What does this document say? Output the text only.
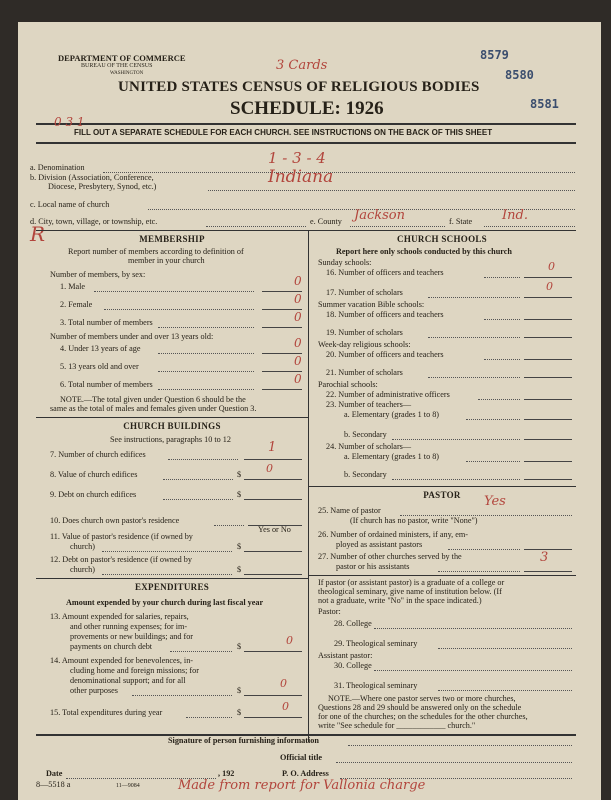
DEPARTMENT OF COMMERCE
BUREAU OF THE CENSUS
WASHINGTON
UNITED STATES CENSUS OF RELIGIOUS BODIES
SCHEDULE: 1926
FILL OUT A SEPARATE SCHEDULE FOR EACH CHURCH. SEE INSTRUCTIONS ON THE BACK OF THIS SHEET
8579
8580
8581
3 Cards
0 3 1
a. Denomination
1 - 3 - 4
b. Division (Association, Conference,
Diocese, Presbytery, Synod, etc.)	Indiana
c. Local name of church
d. City, town, village, or township, etc.	e. County Jackson	f. State Ind.
R	MEMBERSHIP
Report number of members according to definition of
member in your church
Number of members, by sex:
1. Male	0
2. Female	0
3. Total number of members	0
Number of members under and over 13 years old:
4. Under 13 years of age	0
5. 13 years old and over	0
6. Total number of members	0
NOTE.—The total given under Question 6 should be the
same as the total of males and females given under Question 3.
CHURCH BUILDINGS
See instructions, paragraphs 10 to 12
7. Number of church edifices	1
8. Value of church edifices	$ 0
9. Debt on church edifices	$
10. Does church own pastor's residence
Yes or No
11. Value of pastor's residence (if owned by
church)	$
12. Debt on pastor's residence (if owned by
church)	$
EXPENDITURES
Amount expended by your church during last fiscal year
13. Amount expended for salaries, repairs,
and other running expenses; for im-
provements or new buildings; and for
payments on church debt	$	0
14. Amount expended for benevolences, in-
cluding home and foreign missions; for
denominational support; and for all
other purposes	$
0
15. Total expenditures during year	$	0
CHURCH SCHOOLS
Report here only schools conducted by this church
Sunday schools:
16. Number of officers and teachers	0
17. Number of scholars	0
Summer vacation Bible schools:
18. Number of officers and teachers
19. Number of scholars
Week-day religious schools:
20. Number of officers and teachers
21. Number of scholars
Parochial schools:
22. Number of administrative officers
23. Number of teachers—
a. Elementary (grades 1 to 8)
b. Secondary
24. Number of scholars—
a. Elementary (grades 1 to 8)
b. Secondary
PASTOR
25. Name of pastor
Yes
(If church has no pastor, write "None")
26. Number of ordained ministers, if any, em-
ployed as assistant pastors
27. Number of other churches served by the
pastor or his assistants
3
If pastor (or assistant pastor) is a graduate of a college or
theological seminary, give name of institution below. (If
not a graduate, write "No" in the space indicated.)
Pastor:
28. College
29. Theological seminary
Assistant pastor:
30. College
31. Theological seminary
NOTE.—Where one pastor serves two or more churches,
Questions 28 and 29 should be answered only on the schedule
for one of the churches; on the schedules for the other churches,
write "See schedule for ____________ church."
Signature of person furnishing information
Official title
Date	, 192	P. O. Address
8—5518 a	11—9084	Made from report for Vallonia charge
